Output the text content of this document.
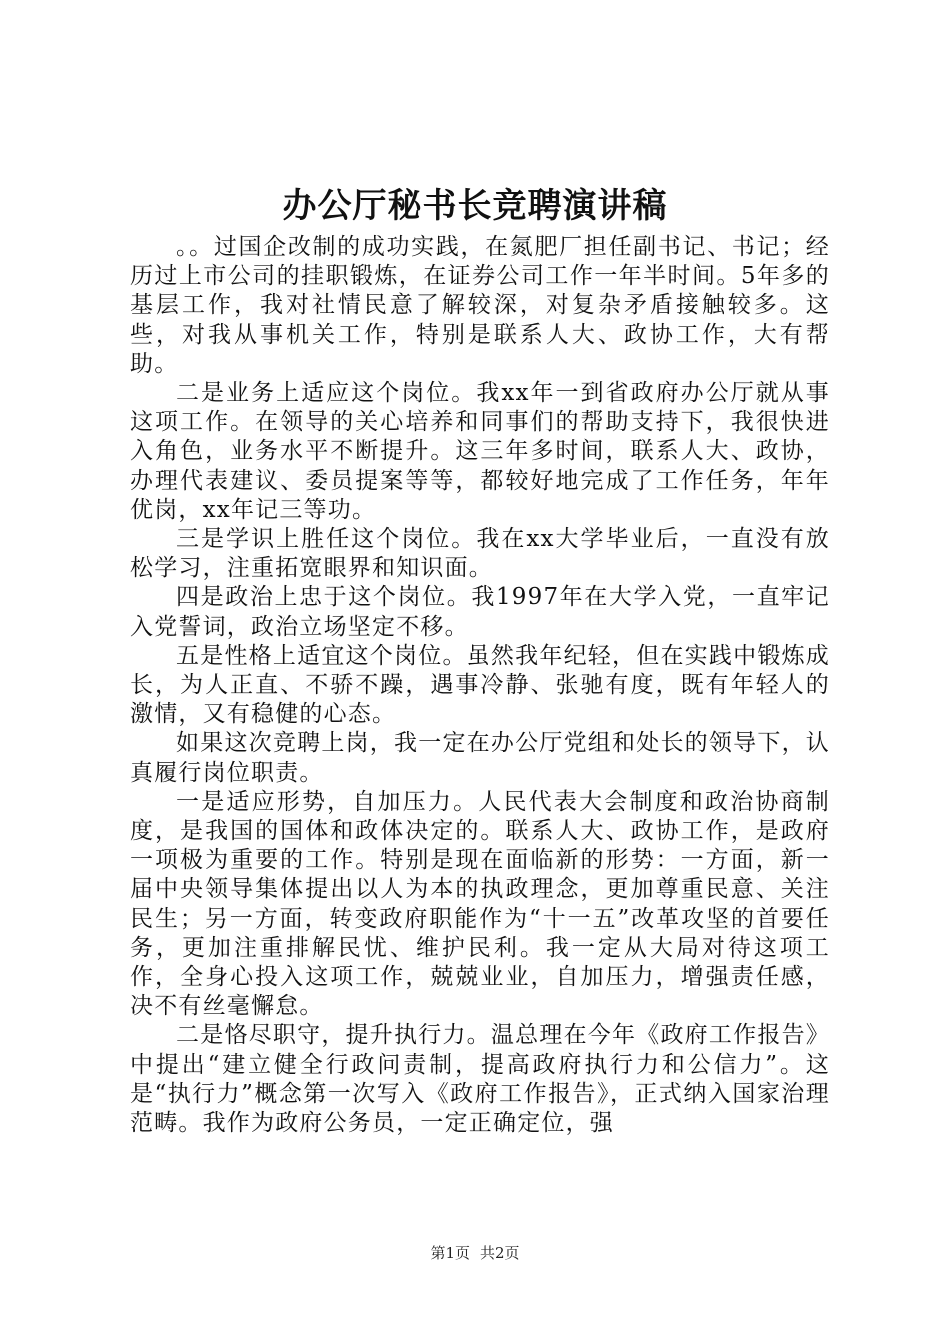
办公厅秘书长竞聘演讲稿

。。过国企改制的成功实践，在氮肥厂担任副书记、书记；经历过上市公司的挂职锻炼，在证券公司工作一年半时间。5年多的基层工作，我对社情民意了解较深，对复杂矛盾接触较多。这些，对我从事机关工作，特别是联系人大、政协工作，大有帮助。

二是业务上适应这个岗位。我xx年一到省政府办公厅就从事这项工作。在领导的关心培养和同事们的帮助支持下，我很快进入角色，业务水平不断提升。这三年多时间，联系人大、政协，办理代表建议、委员提案等等，都较好地完成了工作任务，年年优岗，xx年记三等功。

三是学识上胜任这个岗位。我在xx大学毕业后，一直没有放松学习，注重拓宽眼界和知识面。

四是政治上忠于这个岗位。我1997年在大学入党，一直牢记入党誓词，政治立场坚定不移。

五是性格上适宜这个岗位。虽然我年纪轻，但在实践中锻炼成长，为人正直、不骄不躁，遇事冷静、张驰有度，既有年轻人的激情，又有稳健的心态。

如果这次竞聘上岗，我一定在办公厅党组和处长的领导下，认真履行岗位职责。

一是适应形势，自加压力。人民代表大会制度和政治协商制度，是我国的国体和政体决定的。联系人大、政协工作，是政府一项极为重要的工作。特别是现在面临新的形势：一方面，新一届中央领导集体提出以人为本的执政理念，更加尊重民意、关注民生；另一方面，转变政府职能作为“十一五”改革攻坚的首要任务，更加注重排解民忧、维护民利。我一定从大局对待这项工作，全身心投入这项工作，兢兢业业，自加压力，增强责任感，决不有丝毫懈怠。

二是恪尽职守，提升执行力。温总理在今年《政府工作报告》中提出“建立健全行政问责制，提高政府执行力和公信力”。这是“执行力”概念第一次写入《政府工作报告》，正式纳入国家治理范畴。我作为政府公务员，一定正确定位，强

第1页 共2页
